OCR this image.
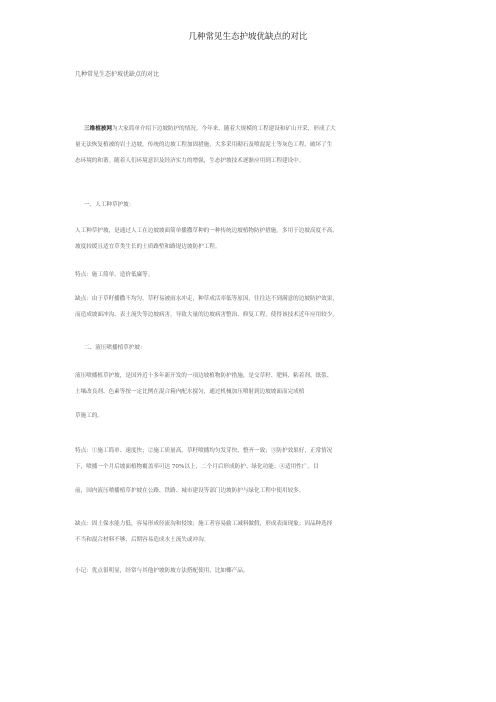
几种常见生态护坡优缺点的对比
几种常见生态护坡优缺点的对比
三维植被网为大家简单介绍下边坡防护的情况。今年来，随着大规模的工程建设和矿山开采，形成了大
量无法恢复植被的岩土边坡。传统的边坡工程加固措施，大多采用砌石及喷混泥土等灰色工程，破坏了生
态环境的和谐。随着人们环境意识及经济实力的增强，生态护坡技术逐渐应用到工程建设中。
一、人工种草护坡：
人工种草护坡，是通过人工在边坡坡面简单播撒草种的一种传统边坡植物防护措施。多用于边坡高度不高、
坡度较缓且适宜草类生长的土质路堑和路堤边坡防护工程。
特点：施工简单、造价低廉等。
缺点：由于草籽播撒不均匀，草籽易被雨水冲走，种草成活率低等原因，往往达不到满意的边坡防护效果，
而造成坡面冲沟、表土流失等边坡病害，导致大量的边坡病害整治、修复工程，使得该技术近年应用较少。
二、液压喷播植草护坡：
液压喷播植草护坡，是国外近十多年新开发的一项边坡植物防护措施，是交草籽、肥料、粘着剂、纸浆、
土壤改良剂、色素等按一定比例在混合箱内配水搅匀，通过机械加压喷射到边坡坡面而完成植
草施工的。
特点：①施工简单、速度快；②施工质量高，草籽喷播均匀发芽快、整齐一致；③防护效果好，正常情况
下，喷播一个月后坡面植物覆盖率可达 70%以上，二个月后形成防护、绿化功能；④适用性广。目
前，国内液压喷播植草护坡在公路、铁路、城市建设等部门边坡防护与绿化工程中使用较多。
缺点：固土保水能力低，容易形成径流沟和侵蚀；施工者容易偷工减料做假，形成表面现象；因品种选择
不当和混合材料不够，后期容易造成水土流失或冲沟。
小记：优点很明显，经常与其他护坡防坡方法搭配使用，比如椰产品。
